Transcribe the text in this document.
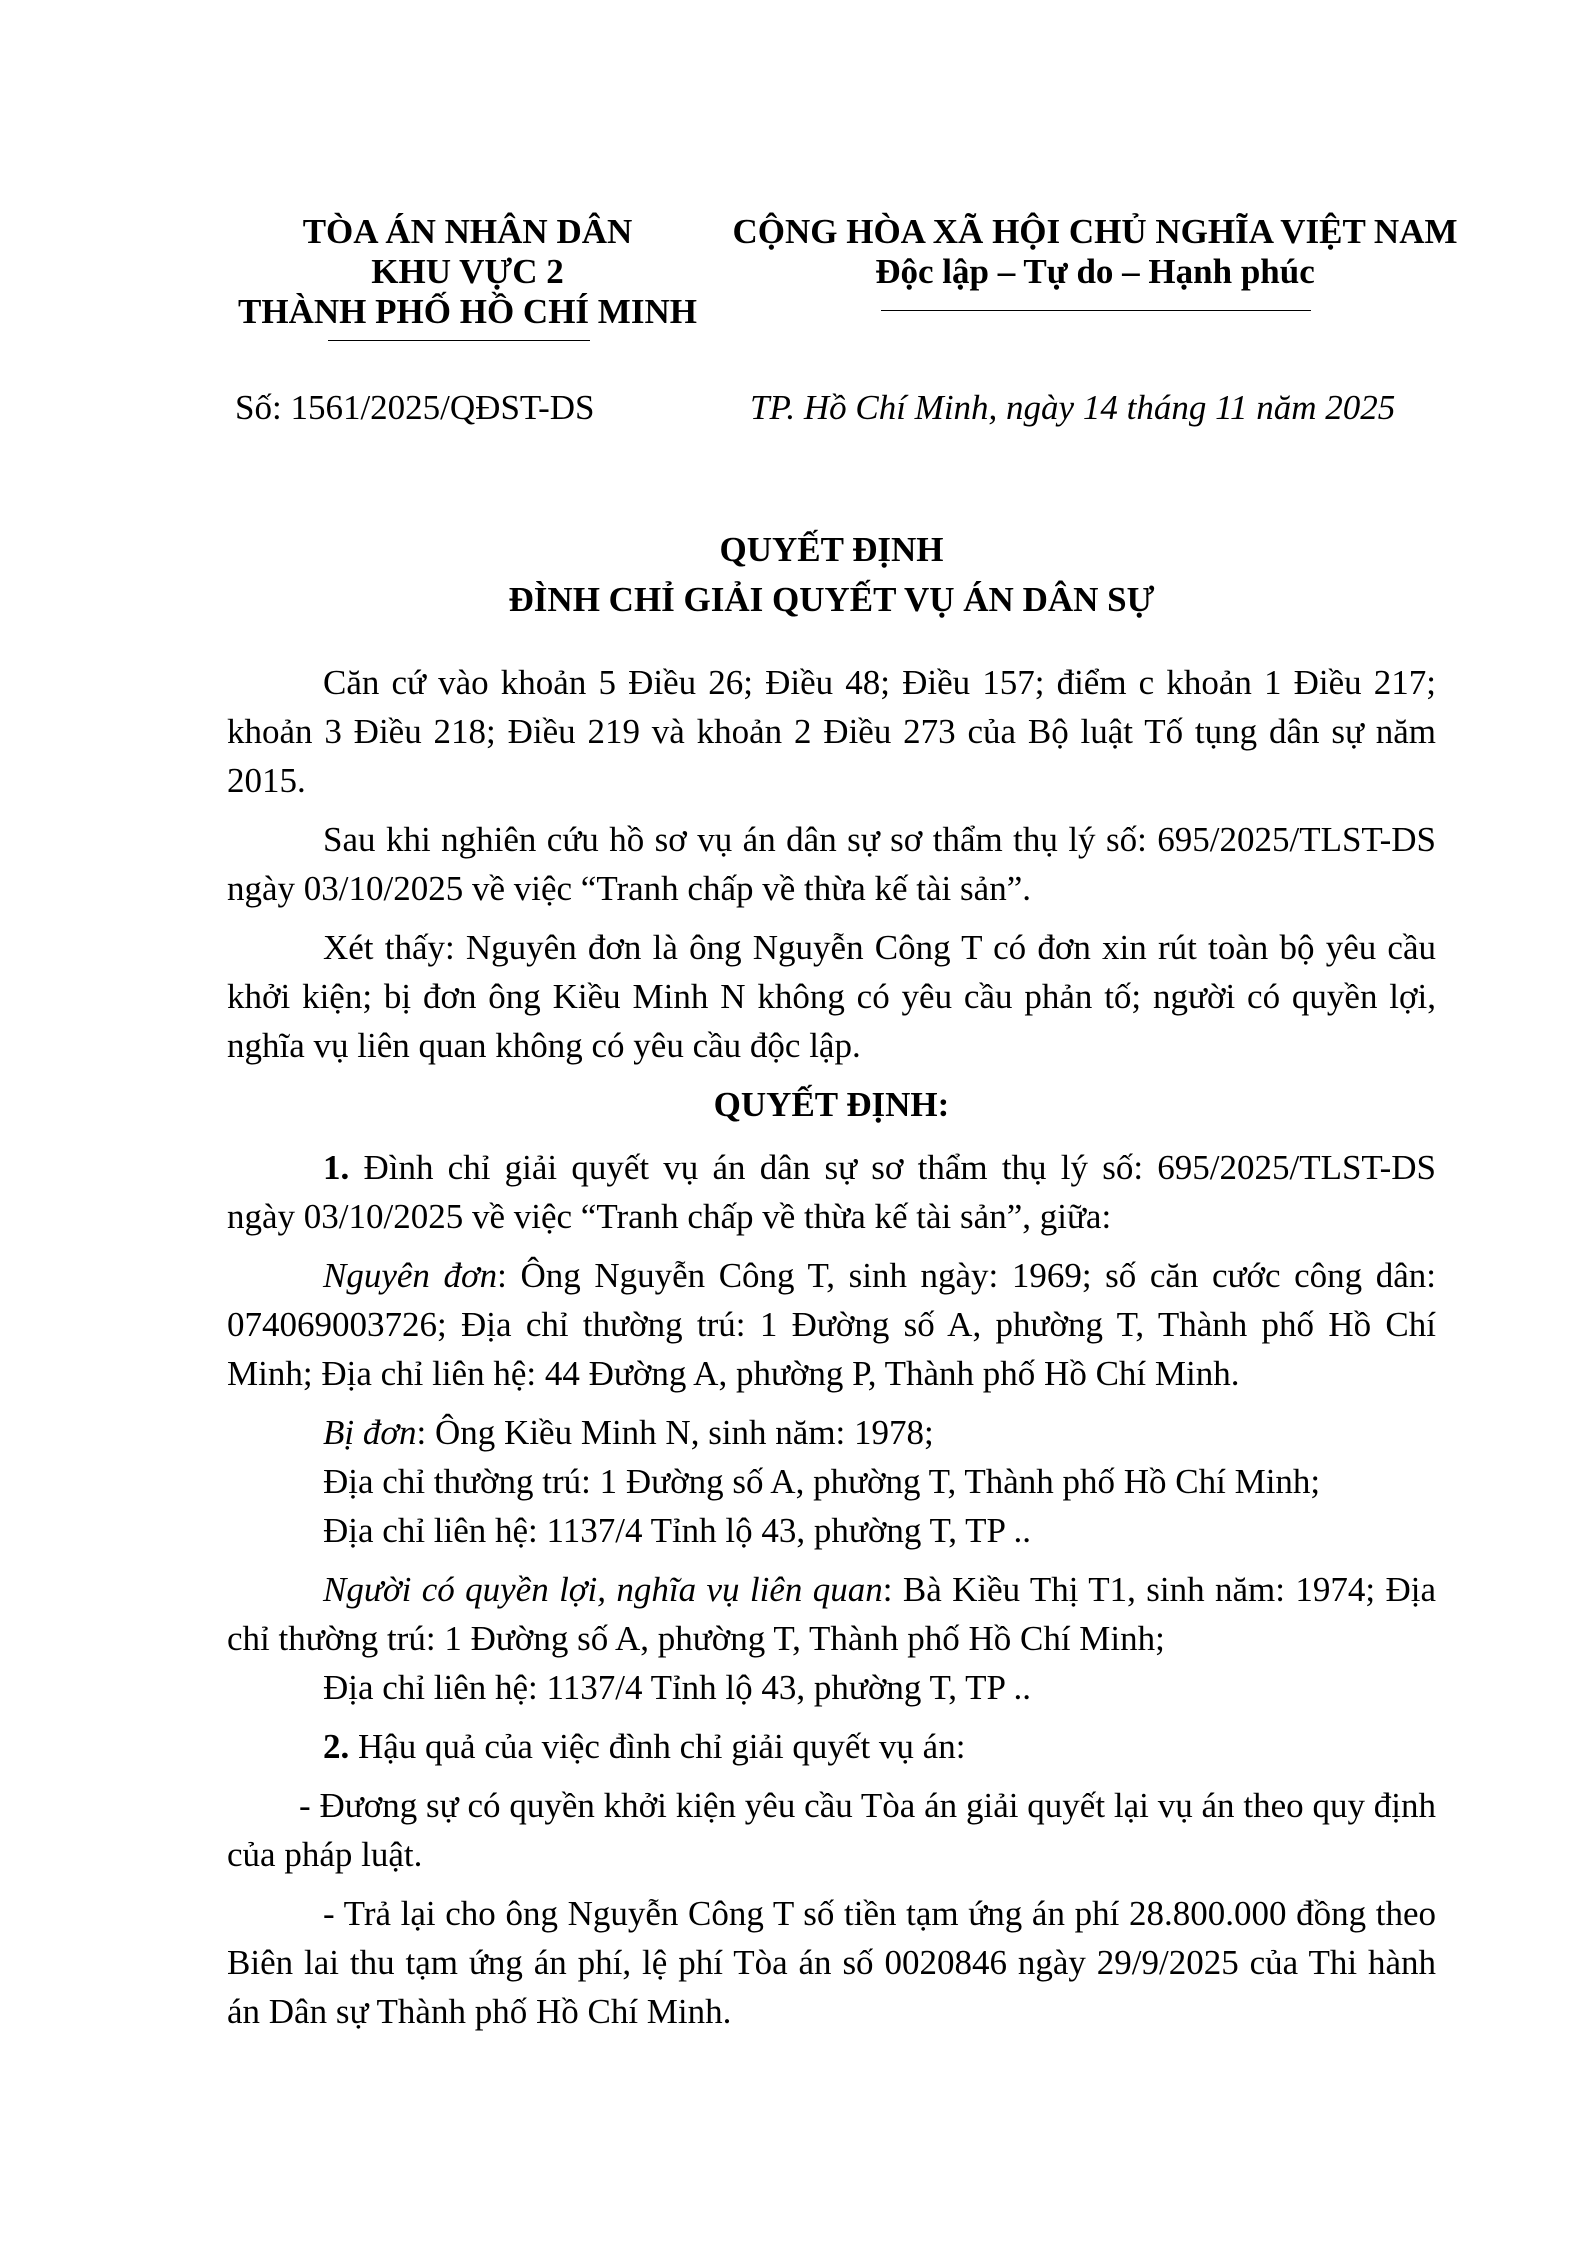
TÒA ÁN NHÂN DÂN
KHU VỰC 2
THÀNH PHỐ HỒ CHÍ MINH
CỘNG HÒA XÃ HỘI CHỦ NGHĨA VIỆT NAM
Độc lập – Tự do – Hạnh phúc
Số: 1561/2025/QĐST-DS	TP. Hồ Chí Minh, ngày 14 tháng 11 năm 2025
QUYẾT ĐỊNH
ĐÌNH CHỈ GIẢI QUYẾT VỤ ÁN DÂN SỰ

Căn cứ vào khoản 5 Điều 26; Điều 48; Điều 157; điểm c khoản 1 Điều 217; khoản 3 Điều 218; Điều 219 và khoản 2 Điều 273 của Bộ luật Tố tụng dân sự năm 2015.

Sau khi nghiên cứu hồ sơ vụ án dân sự sơ thẩm thụ lý số: 695/2025/TLST-DS ngày 03/10/2025 về việc “Tranh chấp về thừa kế tài sản”.

Xét thấy: Nguyên đơn là ông Nguyễn Công T có đơn xin rút toàn bộ yêu cầu khởi kiện; bị đơn ông Kiều Minh N không có yêu cầu phản tố; người có quyền lợi, nghĩa vụ liên quan không có yêu cầu độc lập.

QUYẾT ĐỊNH:

1. Đình chỉ giải quyết vụ án dân sự sơ thẩm thụ lý số: 695/2025/TLST-DS ngày 03/10/2025 về việc “Tranh chấp về thừa kế tài sản”, giữa:

Nguyên đơn: Ông Nguyễn Công T, sinh ngày: 1969; số căn cước công dân: 074069003726; Địa chỉ thường trú: 1 Đường số A, phường T, Thành phố Hồ Chí Minh; Địa chỉ liên hệ: 44 Đường A, phường P, Thành phố Hồ Chí Minh.

Bị đơn: Ông Kiều Minh N, sinh năm: 1978;
Địa chỉ thường trú: 1 Đường số A, phường T, Thành phố Hồ Chí Minh;
Địa chỉ liên hệ: 1137/4 Tỉnh lộ 43, phường T, TP ..

Người có quyền lợi, nghĩa vụ liên quan: Bà Kiều Thị T1, sinh năm: 1974; Địa chỉ thường trú: 1 Đường số A, phường T, Thành phố Hồ Chí Minh;

Địa chỉ liên hệ: 1137/4 Tỉnh lộ 43, phường T, TP ..

2. Hậu quả của việc đình chỉ giải quyết vụ án:

- Đương sự có quyền khởi kiện yêu cầu Tòa án giải quyết lại vụ án theo quy định của pháp luật.

- Trả lại cho ông Nguyễn Công T số tiền tạm ứng án phí 28.800.000 đồng theo Biên lai thu tạm ứng án phí, lệ phí Tòa án số 0020846 ngày 29/9/2025 của Thi hành án Dân sự Thành phố Hồ Chí Minh.
